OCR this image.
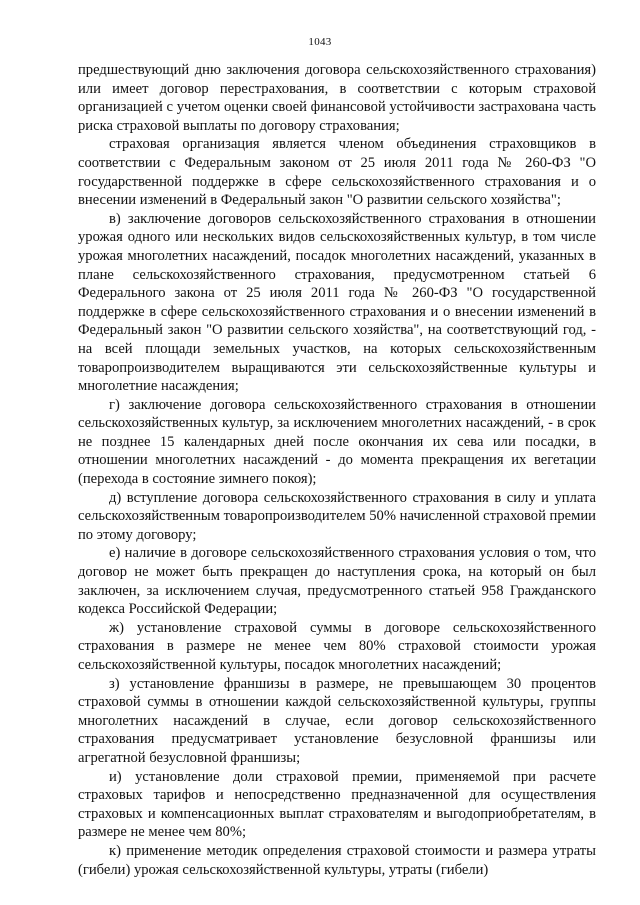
1043

предшествующий дню заключения договора сельскохозяйственного страхования) или имеет договор перестрахования, в соответствии с которым страховой организацией с учетом оценки своей финансовой устойчивости застрахована часть риска страховой выплаты по договору страхования;

страховая организация является членом объединения страховщиков в соответствии с Федеральным законом от 25 июля 2011 года № 260-ФЗ "О государственной поддержке в сфере сельскохозяйственного страхования и о внесении изменений в Федеральный закон "О развитии сельского хозяйства";

в) заключение договоров сельскохозяйственного страхования в отношении урожая одного или нескольких видов сельскохозяйственных культур, в том числе урожая многолетних насаждений, посадок многолетних насаждений, указанных в плане сельскохозяйственного страхования, предусмотренном статьей 6 Федерального закона от 25 июля 2011 года № 260-ФЗ "О государственной поддержке в сфере сельскохозяйственного страхования и о внесении изменений в Федеральный закон "О развитии сельского хозяйства", на соответствующий год, - на всей площади земельных участков, на которых сельскохозяйственным товаропроизводителем выращиваются эти сельскохозяйственные культуры и многолетние насаждения;

г) заключение договора сельскохозяйственного страхования в отношении сельскохозяйственных культур, за исключением многолетних насаждений, - в срок не позднее 15 календарных дней после окончания их сева или посадки, в отношении многолетних насаждений - до момента прекращения их вегетации (перехода в состояние зимнего покоя);

д) вступление договора сельскохозяйственного страхования в силу и уплата сельскохозяйственным товаропроизводителем 50% начисленной страховой премии по этому договору;

е) наличие в договоре сельскохозяйственного страхования условия о том, что договор не может быть прекращен до наступления срока, на который он был заключен, за исключением случая, предусмотренного статьей 958 Гражданского кодекса Российской Федерации;

ж) установление страховой суммы в договоре сельскохозяйственного страхования в размере не менее чем 80% страховой стоимости урожая сельскохозяйственной культуры, посадок многолетних насаждений;

з) установление франшизы в размере, не превышающем 30 процентов страховой суммы в отношении каждой сельскохозяйственной культуры, группы многолетних насаждений в случае, если договор сельскохозяйственного страхования предусматривает установление безусловной франшизы или агрегатной безусловной франшизы;

и) установление доли страховой премии, применяемой при расчете страховых тарифов и непосредственно предназначенной для осуществления страховых и компенсационных выплат страхователям и выгодоприобретателям, в размере не менее чем 80%;

к) применение методик определения страховой стоимости и размера утраты (гибели) урожая сельскохозяйственной культуры, утраты (гибели)
